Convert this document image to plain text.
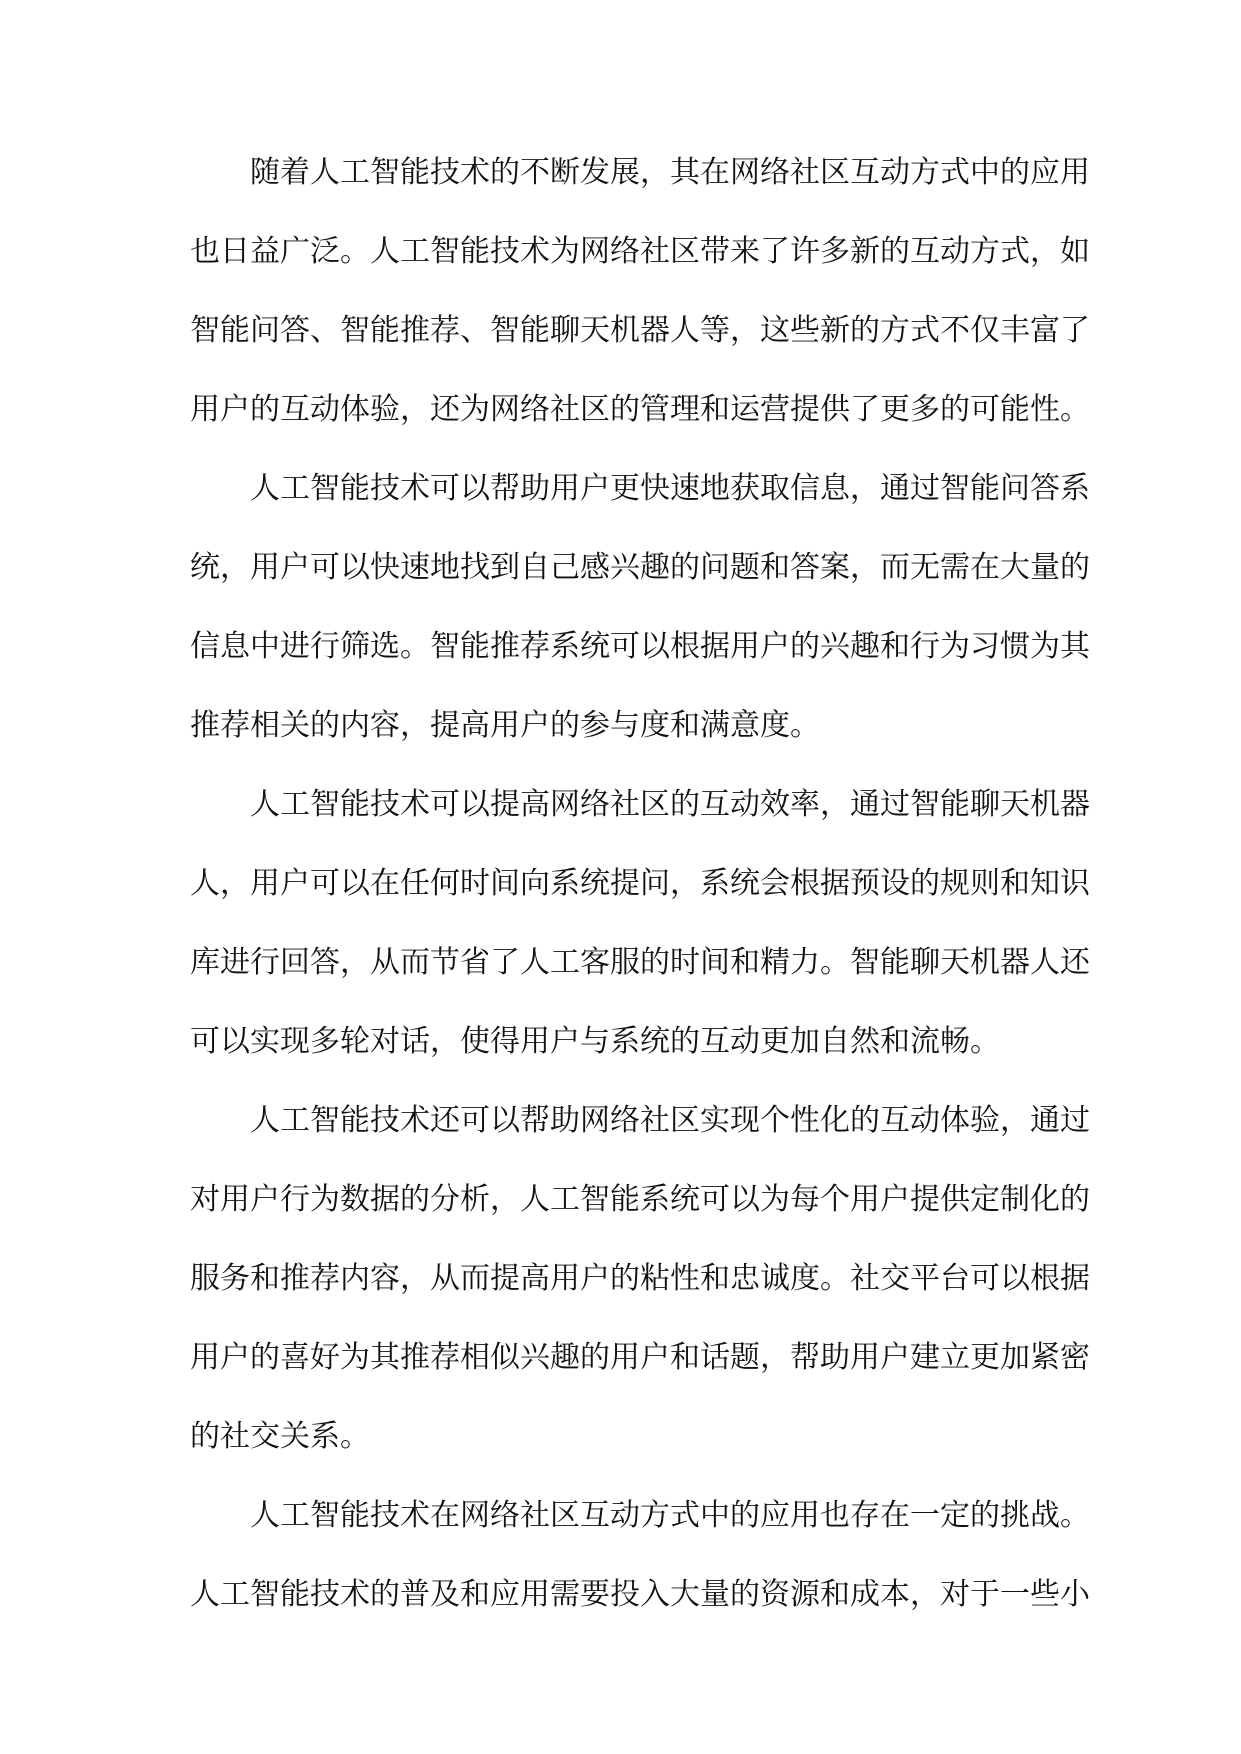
随着人工智能技术的不断发展，其在网络社区互动方式中的应用
也日益广泛。人工智能技术为网络社区带来了许多新的互动方式，如
智能问答、智能推荐、智能聊天机器人等，这些新的方式不仅丰富了
用户的互动体验，还为网络社区的管理和运营提供了更多的可能性。
人工智能技术可以帮助用户更快速地获取信息，通过智能问答系
统，用户可以快速地找到自己感兴趣的问题和答案，而无需在大量的
信息中进行筛选。智能推荐系统可以根据用户的兴趣和行为习惯为其
推荐相关的内容，提高用户的参与度和满意度。
人工智能技术可以提高网络社区的互动效率，通过智能聊天机器
人，用户可以在任何时间向系统提问，系统会根据预设的规则和知识
库进行回答，从而节省了人工客服的时间和精力。智能聊天机器人还
可以实现多轮对话，使得用户与系统的互动更加自然和流畅。
人工智能技术还可以帮助网络社区实现个性化的互动体验，通过
对用户行为数据的分析，人工智能系统可以为每个用户提供定制化的
服务和推荐内容，从而提高用户的粘性和忠诚度。社交平台可以根据
用户的喜好为其推荐相似兴趣的用户和话题，帮助用户建立更加紧密
的社交关系。
人工智能技术在网络社区互动方式中的应用也存在一定的挑战。
人工智能技术的普及和应用需要投入大量的资源和成本，对于一些小
